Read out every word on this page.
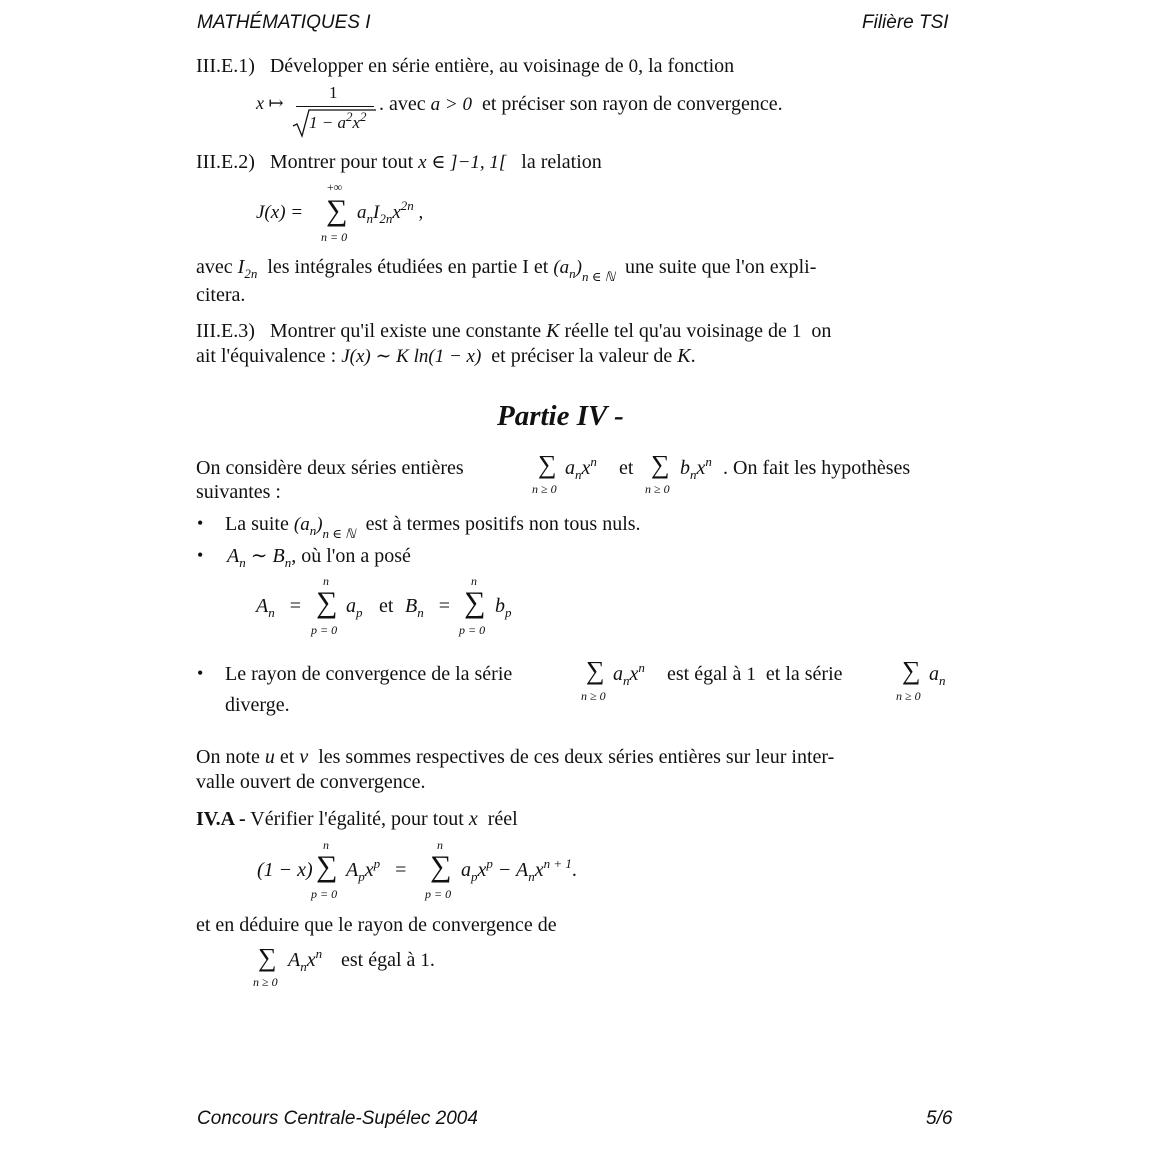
MATHÉMATIQUES I	Filière TSI
III.E.1) Développer en série entière, au voisinage de 0, la fonction
x ↦
1
$1 - a^2x^2$
. avec a > 0 et préciser son rayon de convergence.
III.E.2) Montrer pour tout x ∈ ]−1, 1[ la relation
J(x) =
+∞
∑
n = 0
$a_nI_{2n}x^{2n}$ ,
avec $I_{2n}$ les intégrales étudiées en partie I et $(a_n)_{n \in ℕ}$ une suite que l'on expli-
citera.
III.E.3) Montrer qu'il existe une constante K réelle tel qu'au voisinage de 1 on
ait l'équivalence : J(x) ∼ K ln(1 − x) et préciser la valeur de K.
Partie IV -
On considère deux séries entières	∑
n ≥ 0
$a_nx^n$ et ∑
n ≥ 0
$b_nx^n$ . On fait les hypothèses
suivantes :
• La suite $(a_n)_{n \in ℕ}$ est à termes positifs non tous nuls.
• $A_n$ ∼ $B_n$, où l'on a posé
$A_n$ =
n
∑
p = 0
$a_p$ et $B_n$ =
n
∑
p = 0
$b_p$
• Le rayon de convergence de la série	∑
n ≥ 0
$a_nx^n$ est égal à 1 et la série ∑
n ≥ 0
$a_n$
diverge.
On note u et v les sommes respectives de ces deux séries entières sur leur inter-
valle ouvert de convergence.
IV.A - Vérifier l'égalité, pour tout x réel
(1 − x)
n
∑
p = 0
$A_px^p$ =
n
∑
p = 0
$a_px^p - A_nx^{n + 1}$.
et en déduire que le rayon de convergence de
∑
n ≥ 0
$A_nx^n$ est égal à 1.
Concours Centrale-Supélec 2004	5/6
